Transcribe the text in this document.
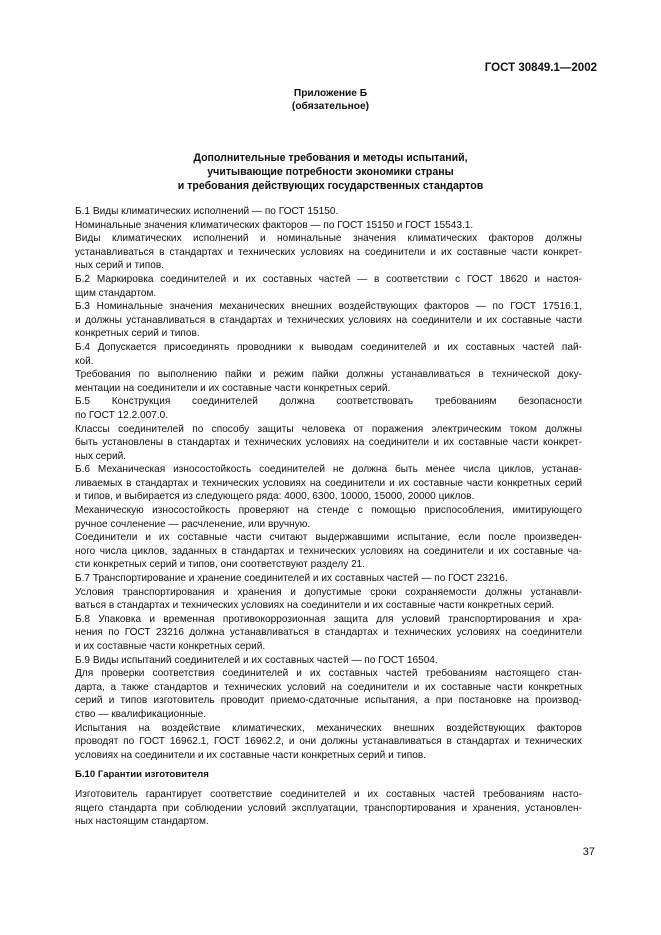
ГОСТ 30849.1—2002
Приложение Б
(обязательное)
Дополнительные требования и методы испытаний,
учитывающие потребности экономики страны
и требования действующих государственных стандартов

Б.1 Виды климатических исполнений — по ГОСТ 15150.

Номинальные значения климатических факторов — по ГОСТ 15150 и ГОСТ 15543.1.

Виды климатических исполнений и номинальные значения климатических факторов должны

устанавливаться в стандартах и технических условиях на соединители и их составные части конкрет-

ных серий и типов.

Б.2 Маркировка соединителей и их составных частей — в соответствии с ГОСТ 18620 и настоя-

щим стандартом.

Б.3 Номинальные значения механических внешних воздействующих факторов — по ГОСТ 17516.1,

и должны устанавливаться в стандартах и технических условиях на соединители и их составные части

конкретных серий и типов.

Б.4 Допускается присоединять проводники к выводам соединителей и их составных частей пай-

кой.

Требования по выполнению пайки и режим пайки должны устанавливаться в технической доку-

ментации на соединители и их составные части конкретных серий.

Б.5 Конструкция соединителей должна соответствовать требованиям безопасности

по ГОСТ 12.2.007.0.

Классы соединителей по способу защиты человека от поражения электрическим током должны

быть установлены в стандартах и технических условиях на соединители и их составные части конкрет-

ных серий.

Б.6 Механическая износостойкость соединителей не должна быть менее числа циклов, устанав-

ливаемых в стандартах и технических условиях на соединители и их составные части конкретных серий

и типов, и выбирается из следующего ряда: 4000, 6300, 10000, 15000, 20000 циклов.

Механическую износостойкость проверяют на стенде с помощью приспособления, имитирующего

ручное сочленение — расчленение, или вручную.

Соединители и их составные части считают выдержавшими испытание, если после произведен-

ного числа циклов, заданных в стандартах и технических условиях на соединители и их составные ча-

сти конкретных серий и типов, они соответствуют разделу 21.

Б.7 Транспортирование и хранение соединителей и их составных частей — по ГОСТ 23216.

Условия транспортирования и хранения и допустимые сроки сохраняемости должны устанавли-

ваться в стандартах и технических условиях на соединители и их составные части конкретных серий.

Б.8 Упаковка и временная противокоррозионная защита для условий транспортирования и хра-

нения по ГОСТ 23216 должна устанавливаться в стандартах и технических условиях на соединители

и их составные части конкретных серий.

Б.9 Виды испытаний соединителей и их составных частей — по ГОСТ 16504.

Для проверки соответствия соединителей и их составных частей требованиям настоящего стан-

дарта, а также стандартов и технических условий на соединители и их составные части конкретных

серий и типов изготовитель проводит приемо-сдаточные испытания, а при постановке на производ-

ство — квалификационные.

Испытания на воздействие климатических, механических внешних воздействующих факторов

проводят по ГОСТ 16962.1, ГОСТ 16962.2, и они должны устанавливаться в стандартах и технических

условиях на соединители и их составные части конкретных серий и типов.

Б.10 Гарантии изготовителя

Изготовитель гарантирует соответствие соединителей и их составных частей требованиям насто-

ящего стандарта при соблюдении условий эксплуатации, транспортирования и хранения, установлен-

ных настоящим стандартом.

37
